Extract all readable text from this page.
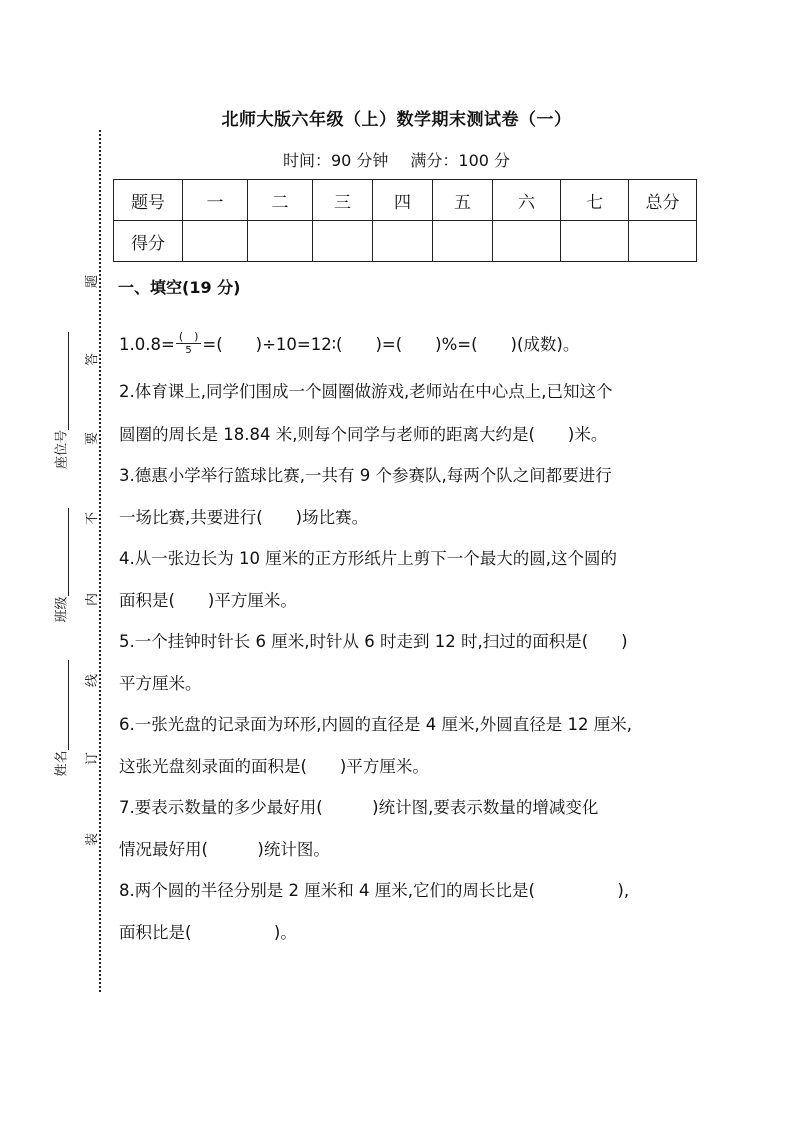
题
答
要
不
内
线
订
装
座位号
班级
姓名
北师大版六年级（上）数学期末测试卷（一）
时间：90 分钟 满分：100 分
题号	一	二	三	四	五	六	七	总分
得分								
一、填空(19 分)
$1.0.8= \frac{( )}{5}$ =(　　)÷10=12∶(　　)=(　　)%=(　　)(成数)。
2.体育课上,同学们围成一个圆圈做游戏,老师站在中心点上,已知这个
圆圈的周长是 18.84 米,则每个同学与老师的距离大约是(　　)米。
3.德惠小学举行篮球比赛,一共有 9 个参赛队,每两个队之间都要进行
一场比赛,共要进行(　　)场比赛。
4.从一张边长为 10 厘米的正方形纸片上剪下一个最大的圆,这个圆的
面积是(　　)平方厘米。
5.一个挂钟时针长 6 厘米,时针从 6 时走到 12 时,扫过的面积是(　　)
平方厘米。
6.一张光盘的记录面为环形,内圆的直径是 4 厘米,外圆直径是 12 厘米,
这张光盘刻录面的面积是(　　)平方厘米。
7.要表示数量的多少最好用(　　　)统计图,要表示数量的增减变化
情况最好用(　　　)统计图。
8.两个圆的半径分别是 2 厘米和 4 厘米,它们的周长比是(　　　　　),
面积比是(　　　　　)。
